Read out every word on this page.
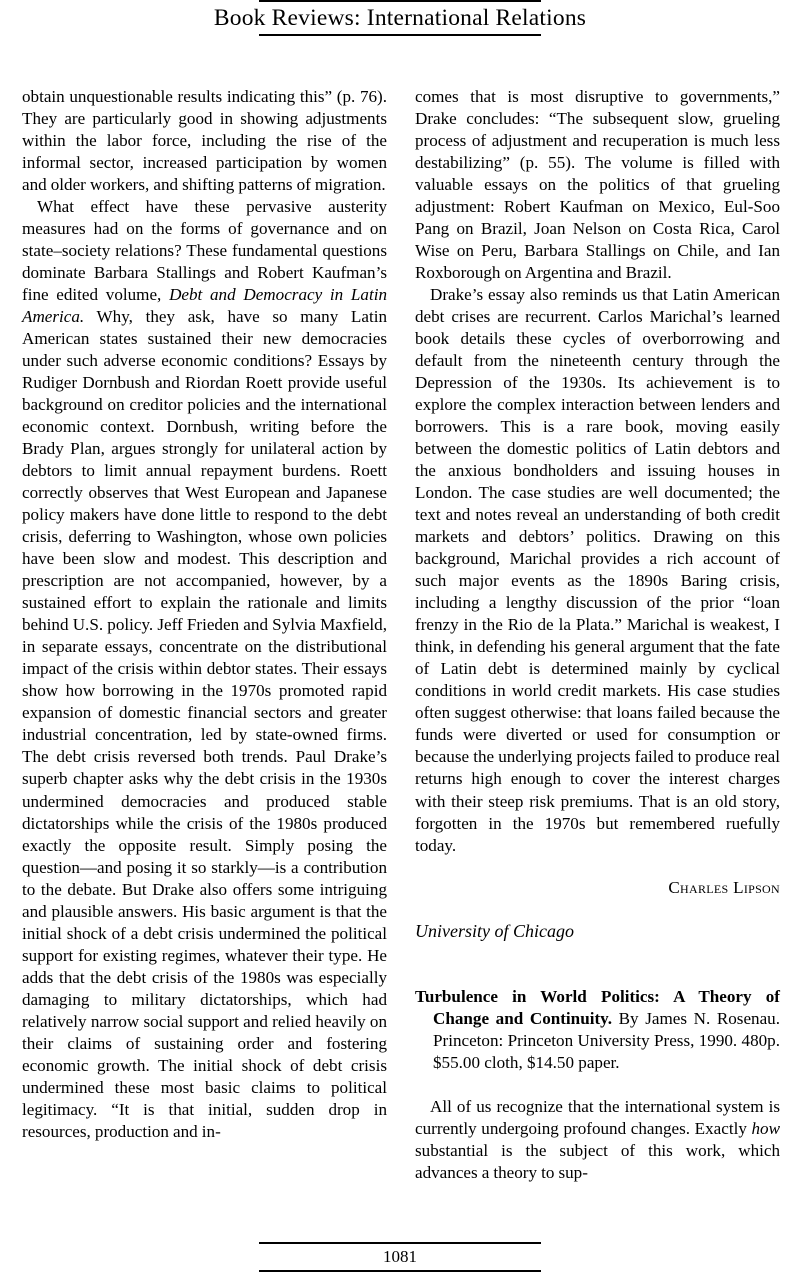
Book Reviews: International Relations

obtain unquestionable results indicating this” (p. 76). They are particularly good in showing adjustments within the labor force, including the rise of the informal sector, increased participation by women and older workers, and shifting patterns of migration.

What effect have these pervasive austerity measures had on the forms of governance and on state–society relations? These fundamental questions dominate Barbara Stallings and Robert Kaufman’s fine edited volume, Debt and Democracy in Latin America. Why, they ask, have so many Latin American states sustained their new democracies under such adverse economic conditions? Essays by Rudiger Dornbush and Riordan Roett provide useful background on creditor policies and the international economic context. Dornbush, writing before the Brady Plan, argues strongly for unilateral action by debtors to limit annual repayment burdens. Roett correctly observes that West European and Japanese policy makers have done little to respond to the debt crisis, deferring to Washington, whose own policies have been slow and modest. This description and prescription are not accompanied, however, by a sustained effort to explain the rationale and limits behind U.S. policy. Jeff Frieden and Sylvia Maxfield, in separate essays, concentrate on the distributional impact of the crisis within debtor states. Their essays show how borrowing in the 1970s promoted rapid expansion of domestic financial sectors and greater industrial concentration, led by state-owned firms. The debt crisis reversed both trends. Paul Drake’s superb chapter asks why the debt crisis in the 1930s undermined democracies and produced stable dictatorships while the crisis of the 1980s produced exactly the opposite result. Simply posing the question—and posing it so starkly—is a contribution to the debate. But Drake also offers some intriguing and plausible answers. His basic argument is that the initial shock of a debt crisis undermined the political support for existing regimes, whatever their type. He adds that the debt crisis of the 1980s was especially damaging to military dictatorships, which had relatively narrow social support and relied heavily on their claims of sustaining order and fostering economic growth. The initial shock of debt crisis undermined these most basic claims to political legitimacy. “It is that initial, sudden drop in resources, production and in-

comes that is most disruptive to governments,” Drake concludes: “The subsequent slow, grueling process of adjustment and recuperation is much less destabilizing” (p. 55). The volume is filled with valuable essays on the politics of that grueling adjustment: Robert Kaufman on Mexico, Eul-Soo Pang on Brazil, Joan Nelson on Costa Rica, Carol Wise on Peru, Barbara Stallings on Chile, and Ian Roxborough on Argentina and Brazil.

Drake’s essay also reminds us that Latin American debt crises are recurrent. Carlos Marichal’s learned book details these cycles of overborrowing and default from the nineteenth century through the Depression of the 1930s. Its achievement is to explore the complex interaction between lenders and borrowers. This is a rare book, moving easily between the domestic politics of Latin debtors and the anxious bondholders and issuing houses in London. The case studies are well documented; the text and notes reveal an understanding of both credit markets and debtors’ politics. Drawing on this background, Marichal provides a rich account of such major events as the 1890s Baring crisis, including a lengthy discussion of the prior “loan frenzy in the Rio de la Plata.” Marichal is weakest, I think, in defending his general argument that the fate of Latin debt is determined mainly by cyclical conditions in world credit markets. His case studies often suggest otherwise: that loans failed because the funds were diverted or used for consumption or because the underlying projects failed to produce real returns high enough to cover the interest charges with their steep risk premiums. That is an old story, forgotten in the 1970s but remembered ruefully today.

Charles Lipson

University of Chicago

Turbulence in World Politics: A Theory of Change and Continuity. By James N. Rosenau. Princeton: Princeton University Press, 1990. 480p. $55.00 cloth, $14.50 paper.

All of us recognize that the international system is currently undergoing profound changes. Exactly how substantial is the subject of this work, which advances a theory to sup-

1081
